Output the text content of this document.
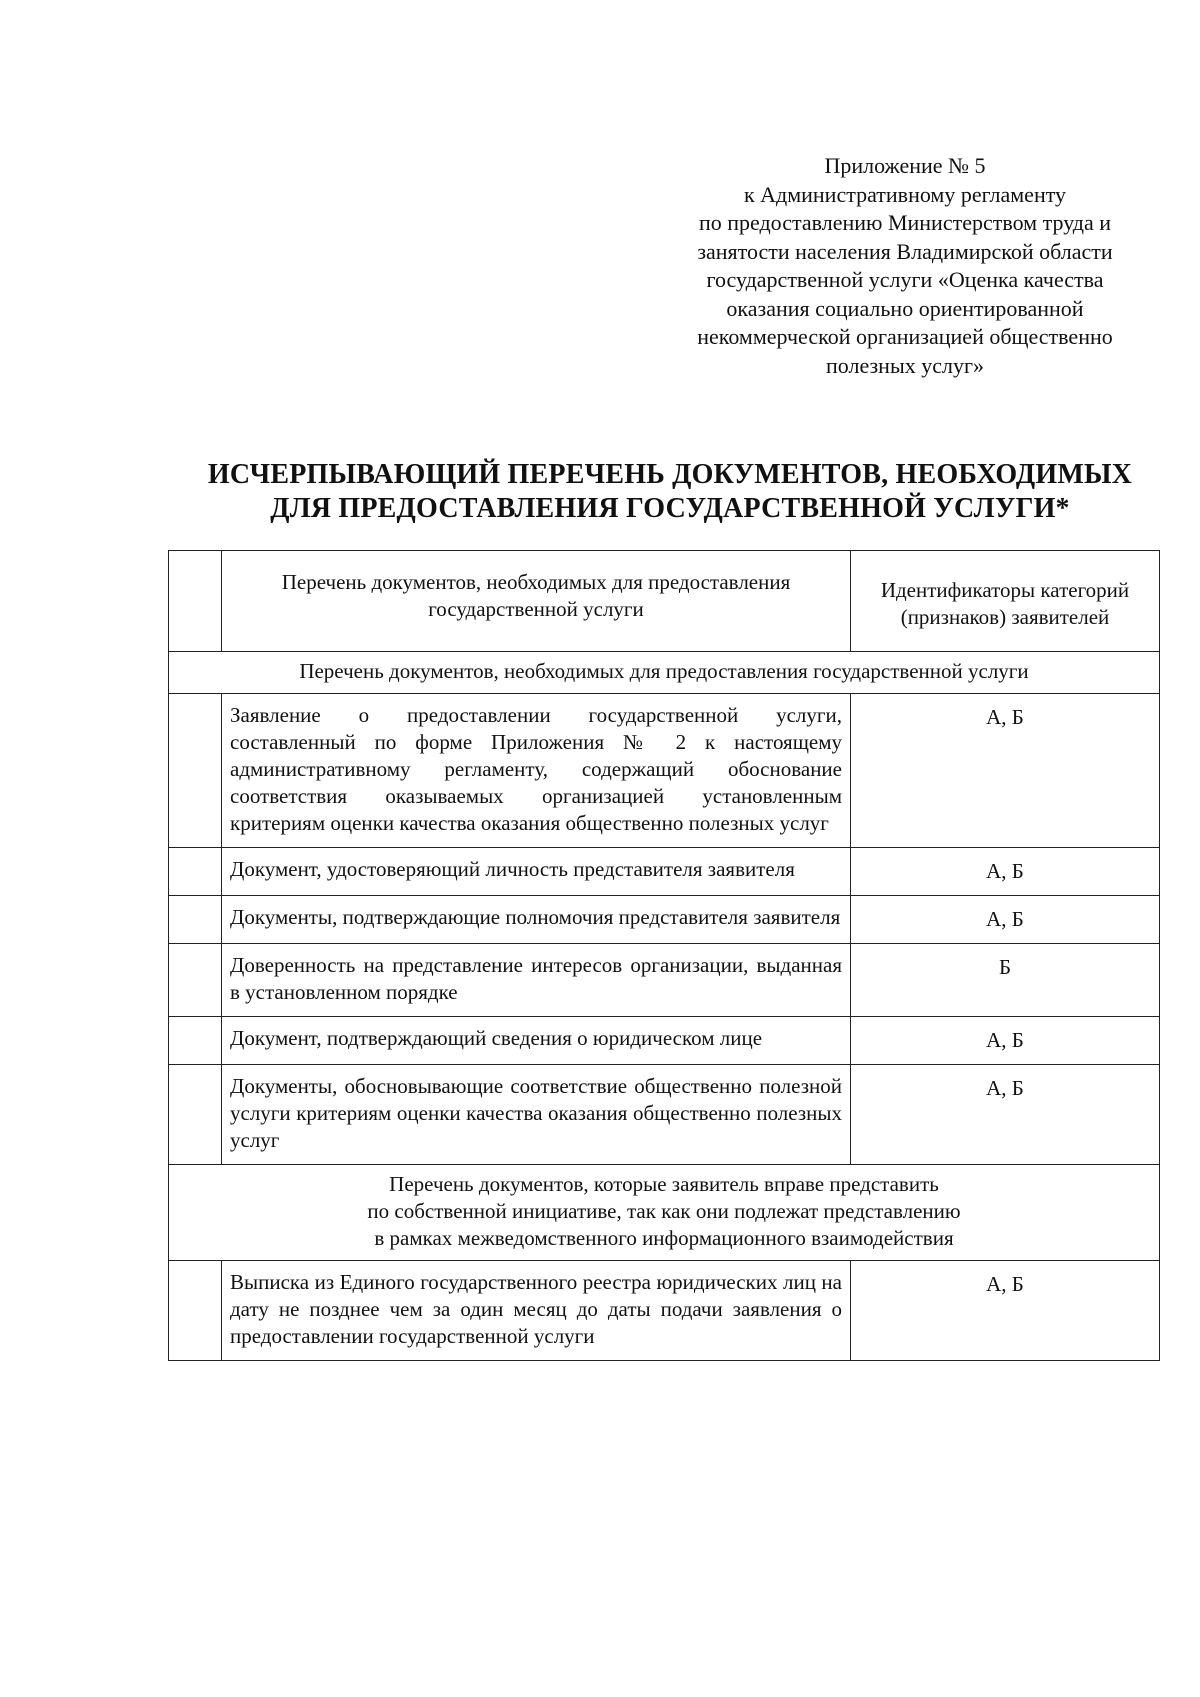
Приложение № 5
к Административному регламенту
по предоставлению Министерством труда и
занятости населения Владимирской области
государственной услуги «Оценка качества
оказания социально ориентированной
некоммерческой организацией общественно
полезных услуг»
ИСЧЕРПЫВАЮЩИЙ ПЕРЕЧЕНЬ ДОКУМЕНТОВ, НЕОБХОДИМЫХ
ДЛЯ ПРЕДОСТАВЛЕНИЯ ГОСУДАРСТВЕННОЙ УСЛУГИ*
	Перечень документов, необходимых для предоставления государственной услуги	Идентификаторы категорий (признаков) заявителей
Перечень документов, необходимых для предоставления государственной услуги		
	Заявление о предоставлении государственной услуги, составленный по форме Приложения № 2 к настоящему административному регламенту, содержащий обоснование соответствия оказываемых организацией установленным критериям оценки качества оказания общественно полезных услуг	А, Б
	Документ, удостоверяющий личность представителя заявителя	А, Б
	Документы, подтверждающие полномочия представителя заявителя	А, Б
	Доверенность на представление интересов организации, выданная в установленном порядке	Б
	Документ, подтверждающий сведения о юридическом лице	А, Б
	Документы, обосновывающие соответствие общественно полезной услуги критериям оценки качества оказания общественно полезных услуг	А, Б

Перечень документов, которые заявитель вправе представить
по собственной инициативе, так как они подлежат представлению
в рамках межведомственного информационного взаимодействия		

	Выписка из Единого государственного реестра юридических лиц на дату не позднее чем за один месяц до даты подачи заявления о предоставлении государственной услуги	А, Б
